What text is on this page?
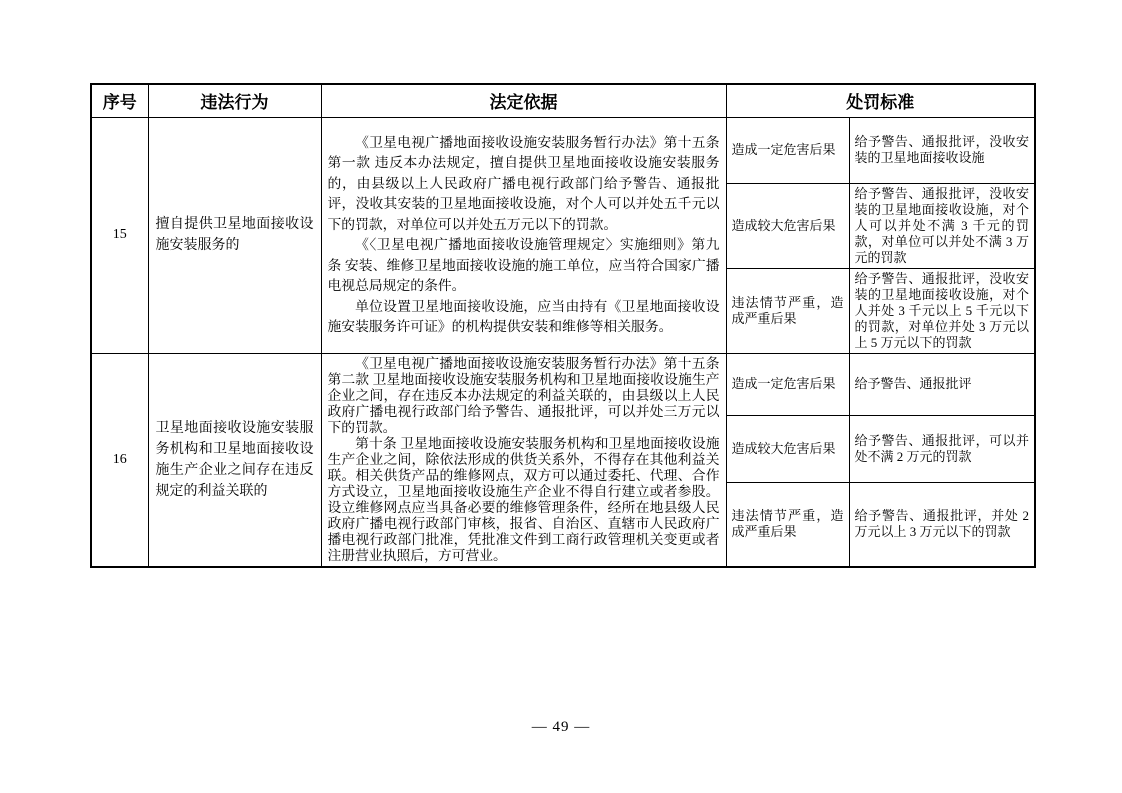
序号	违法行为	法定依据	处罚标准	
15	擅自提供卫星地面接收设施安装服务的	《卫星电视广播地面接收设施安装服务暂行办法》第十五条第一款 违反本办法规定，擅自提供卫星地面接收设施安装服务的，由县级以上人民政府广播电视行政部门给予警告、通报批评，没收其安装的卫星地面接收设施，对个人可以并处五千元以下的罚款，对单位可以并处五万元以下的罚款。

《〈卫星电视广播地面接收设施管理规定〉实施细则》第九条 安装、维修卫星地面接收设施的施工单位，应当符合国家广播电视总局规定的条件。

单位设置卫星地面接收设施，应当由持有《卫星地面接收设施安装服务许可证》的机构提供安装和维修等相关服务。	造成一定危害后果	给予警告、通报批评，没收安装的卫星地面接收设施
			造成较大危害后果	给予警告、通报批评，没收安装的卫星地面接收设施，对个人可以并处不满 3 千元的罚款，对单位可以并处不满 3 万元的罚款
			违法情节严重，造成严重后果	给予警告、通报批评，没收安装的卫星地面接收设施，对个人并处 3 千元以上 5 千元以下的罚款，对单位并处 3 万元以上 5 万元以下的罚款
16	卫星地面接收设施安装服务机构和卫星地面接收设施生产企业之间存在违反规定的利益关联的	《卫星电视广播地面接收设施安装服务暂行办法》第十五条第二款 卫星地面接收设施安装服务机构和卫星地面接收设施生产企业之间，存在违反本办法规定的利益关联的，由县级以上人民政府广播电视行政部门给予警告、通报批评，可以并处三万元以下的罚款。

第十条 卫星地面接收设施安装服务机构和卫星地面接收设施生产企业之间，除依法形成的供货关系外，不得存在其他利益关联。相关供货产品的维修网点，双方可以通过委托、代理、合作方式设立，卫星地面接收设施生产企业不得自行建立或者参股。设立维修网点应当具备必要的维修管理条件，经所在地县级人民政府广播电视行政部门审核，报省、自治区、直辖市人民政府广播电视行政部门批准，凭批准文件到工商行政管理机关变更或者注册营业执照后，方可营业。	造成一定危害后果	给予警告、通报批评
			造成较大危害后果	给予警告、通报批评，可以并处不满 2 万元的罚款
			违法情节严重，造成严重后果	给予警告、通报批评，并处 2 万元以上 3 万元以下的罚款
— 49 —
